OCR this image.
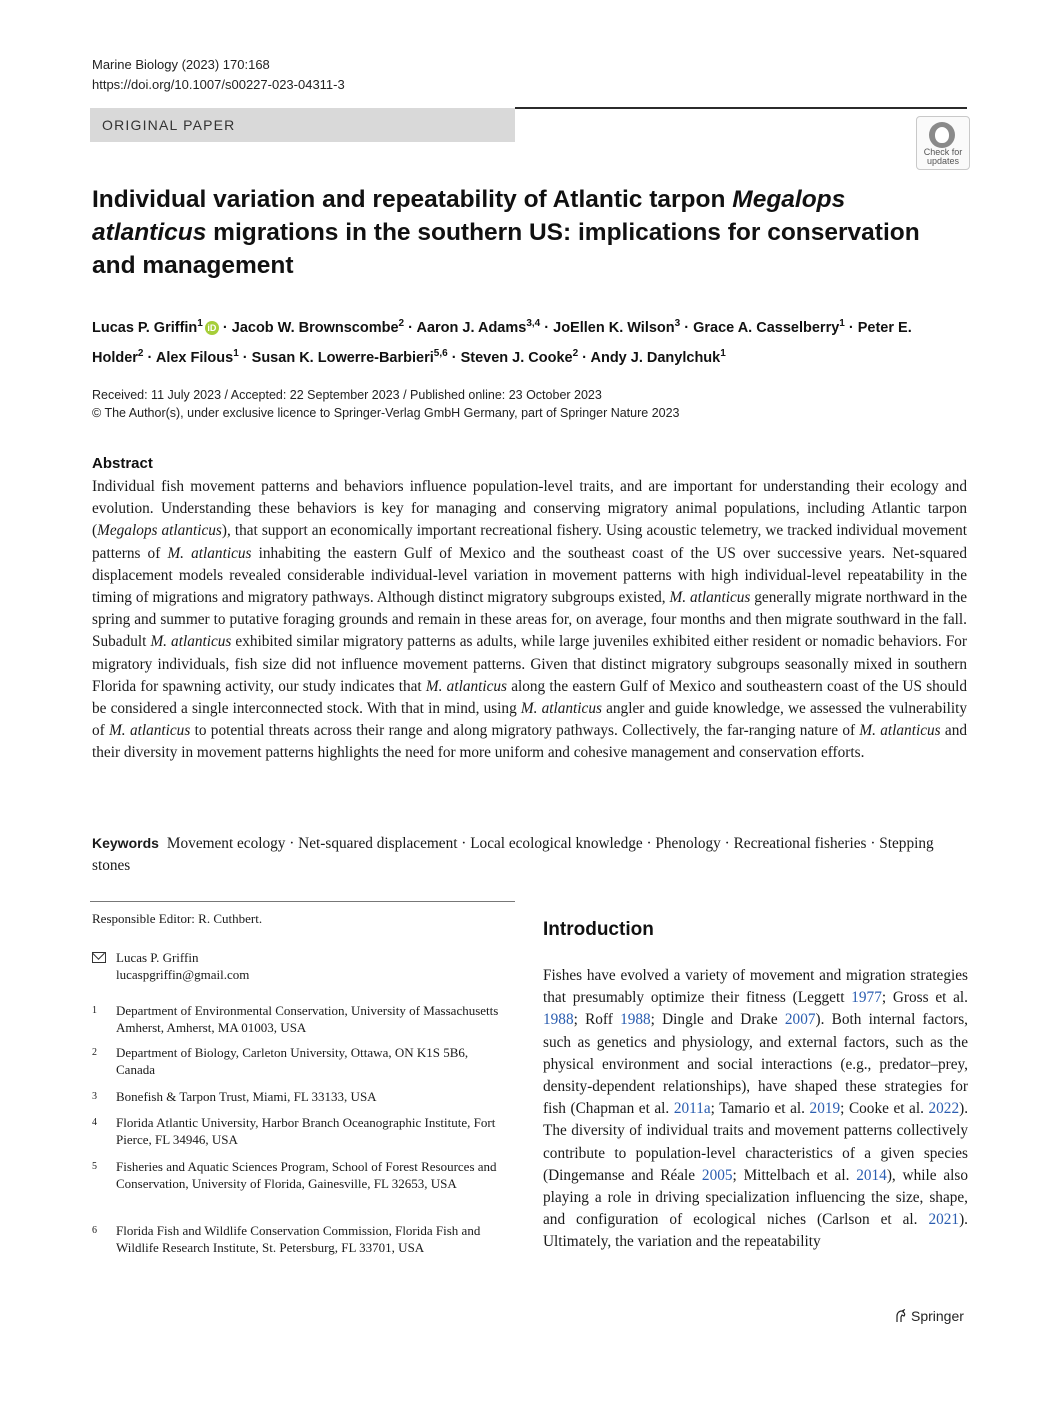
Marine Biology (2023) 170:168
https://doi.org/10.1007/s00227-023-04311-3
ORIGINAL PAPER
Check for
updates
Individual variation and repeatability of Atlantic tarpon Megalops atlanticus migrations in the southern US: implications for conservation and management
Lucas P. Griffin$^1$ iD · Jacob W. Brownscombe$^2$ · Aaron J. Adams$^{3,4}$ · JoEllen K. Wilson$^3$ · Grace A. Casselberry$^1$ · Peter E. Holder$^2$ · Alex Filous$^1$ · Susan K. Lowerre-Barbieri$^{5,6}$ · Steven J. Cooke$^2$ · Andy J. Danylchuk$^1$
Received: 11 July 2023 / Accepted: 22 September 2023 / Published online: 23 October 2023
© The Author(s), under exclusive licence to Springer-Verlag GmbH Germany, part of Springer Nature 2023
Abstract
Individual fish movement patterns and behaviors influence population-level traits, and are important for understanding their ecology and evolution. Understanding these behaviors is key for managing and conserving migratory animal populations, including Atlantic tarpon (Megalops atlanticus), that support an economically important recreational fishery. Using acoustic telemetry, we tracked individual movement patterns of M. atlanticus inhabiting the eastern Gulf of Mexico and the southeast coast of the US over successive years. Net-squared displacement models revealed considerable individual-level variation in movement patterns with high individual-level repeatability in the timing of migrations and migratory pathways. Although distinct migratory subgroups existed, M. atlanticus generally migrate northward in the spring and summer to putative foraging grounds and remain in these areas for, on average, four months and then migrate southward in the fall. Subadult M. atlanticus exhibited similar migratory patterns as adults, while large juveniles exhibited either resident or nomadic behaviors. For migratory individuals, fish size did not influence movement patterns. Given that distinct migratory subgroups seasonally mixed in southern Florida for spawning activity, our study indicates that M. atlanticus along the eastern Gulf of Mexico and southeastern coast of the US should be considered a single interconnected stock. With that in mind, using M. atlanticus angler and guide knowledge, we assessed the vulnerability of M. atlanticus to potential threats across their range and along migratory pathways. Collectively, the far-ranging nature of M. atlanticus and their diversity in movement patterns highlights the need for more uniform and cohesive management and conservation efforts.
Keywords Movement ecology · Net-squared displacement · Local ecological knowledge · Phenology · Recreational fisheries · Stepping stones
Responsible Editor: R. Cuthbert.
Lucas P. Griffin
lucaspgriffin@gmail.com
1 Department of Environmental Conservation, University of Massachusetts Amherst, Amherst, MA 01003, USA
2 Department of Biology, Carleton University, Ottawa, ON K1S 5B6, Canada
3 Bonefish & Tarpon Trust, Miami, FL 33133, USA
4 Florida Atlantic University, Harbor Branch Oceanographic Institute, Fort Pierce, FL 34946, USA
5 Fisheries and Aquatic Sciences Program, School of Forest Resources and Conservation, University of Florida, Gainesville, FL 32653, USA
6 Florida Fish and Wildlife Conservation Commission, Florida Fish and Wildlife Research Institute, St. Petersburg, FL 33701, USA
Introduction
Fishes have evolved a variety of movement and migration strategies that presumably optimize their fitness (Leggett 1977; Gross et al. 1988; Roff 1988; Dingle and Drake 2007). Both internal factors, such as genetics and physiology, and external factors, such as the physical environment and social interactions (e.g., predator–prey, density-dependent relationships), have shaped these strategies for fish (Chapman et al. 2011a; Tamario et al. 2019; Cooke et al. 2022). The diversity of individual traits and movement patterns collectively contribute to population-level characteristics of a given species (Dingemanse and Réale 2005; Mittelbach et al. 2014), while also playing a role in driving specialization influencing the size, shape, and configuration of ecological niches (Carlson et al. 2021). Ultimately, the variation and the repeatability
Springer
